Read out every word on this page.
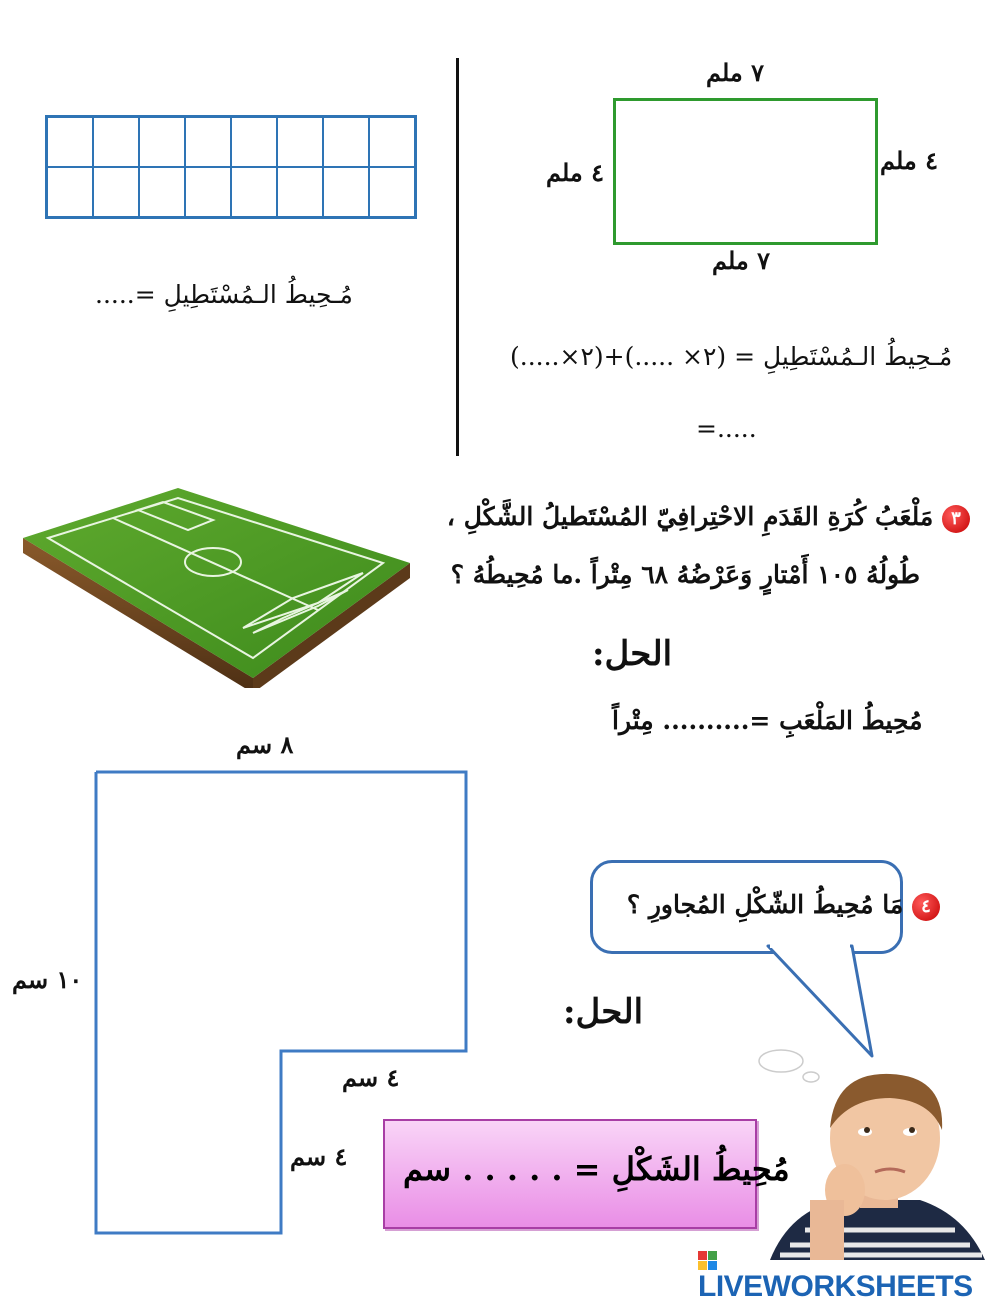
مُـحِيطُ الـمُسْتَطِيلِ =.....
٧ ملم
٧ ملم
٤ ملم	٤ ملم
مُـحِيطُ الـمُسْتَطِيلِ = (٢× .....)+(٢×.....)
=.....
٣ مَلْعَبُ كُرَةِ القَدَمِ الاحْتِرافِيّ المُسْتَطيلُ الشَّكْلِ ،
طُولُهُ ١٠٥ أَمْتارٍ وَعَرْضُهُ ٦٨ مِتْراً .ما مُحِيطُهُ ؟
الحل:
مُحِيطُ المَلْعَبِ =.......... مِتْراً
٨ سم
١٠ سم
٤ سم
٤ سم
٤ مَا مُحِيطُ الشّكْلِ المُجاورِ ؟
الحل:
مُحِيطُ الشَكْلِ = . . . . . سم
LIVEWORKSHEETS
